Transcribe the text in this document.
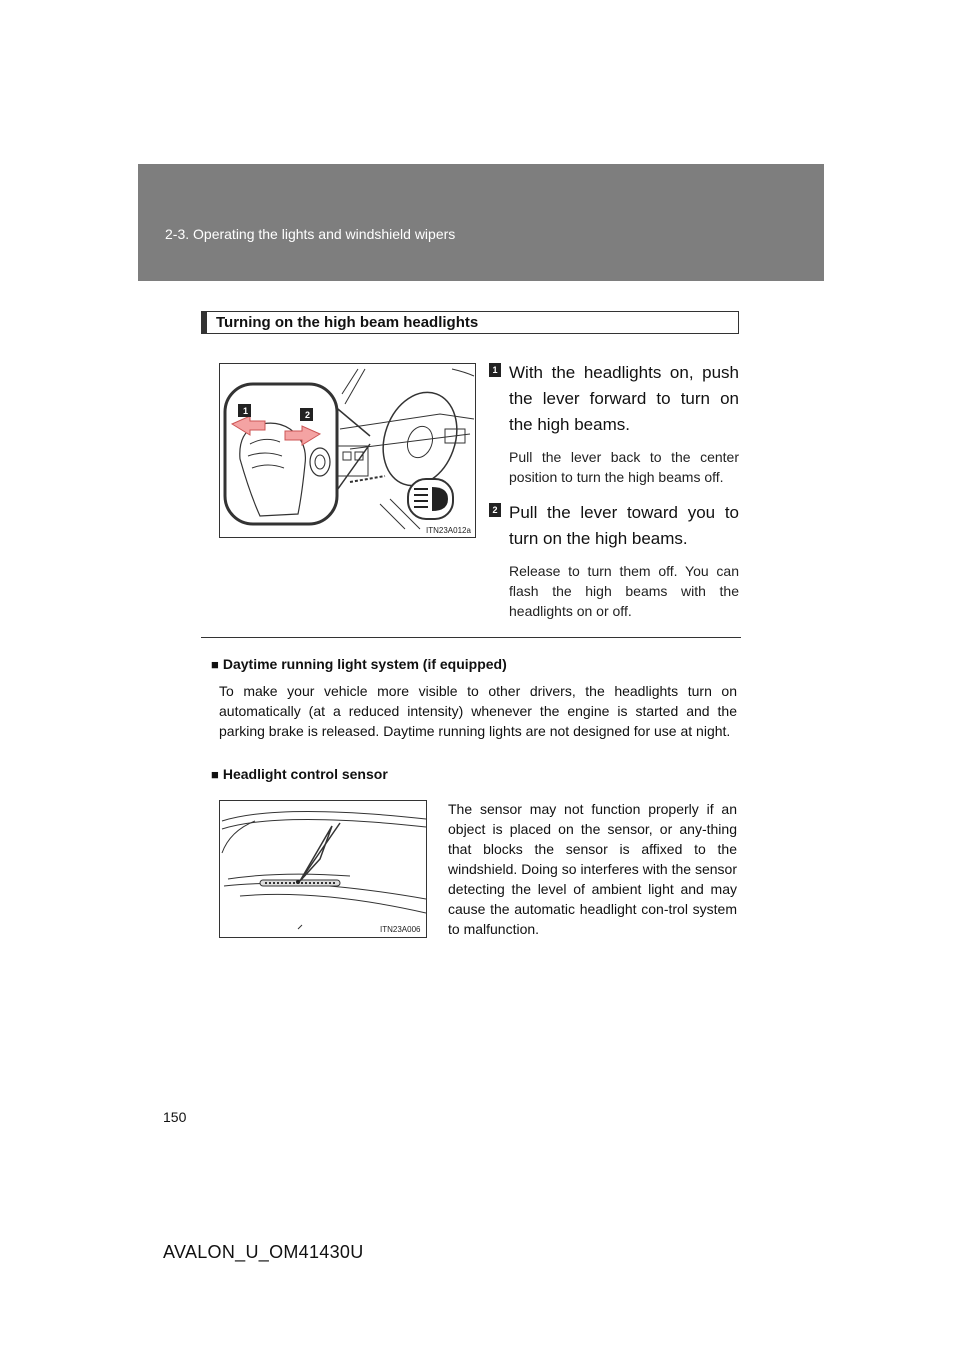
2-3. Operating the lights and windshield wipers
Turning on the high beam headlights
1	2
ITN23A012a
1 With the headlights on, push the lever forward to turn on the high beams.
Pull the lever back to the center position to turn the high beams off.
2 Pull the lever toward you to turn on the high beams.
Release to turn them off. You can flash the high beams with the headlights on or off.
■ Daytime running light system (if equipped)
To make your vehicle more visible to other drivers, the headlights turn on automatically (at a reduced intensity) whenever the engine is started and the parking brake is released. Daytime running lights are not designed for use at night.
■ Headlight control sensor
ITN23A006
The sensor may not function properly if an object is placed on the sensor, or any-thing that blocks the sensor is affixed to the windshield. Doing so interferes with the sensor detecting the level of ambient light and may cause the automatic headlight con-trol system to malfunction.
150
AVALON_U_OM41430U
